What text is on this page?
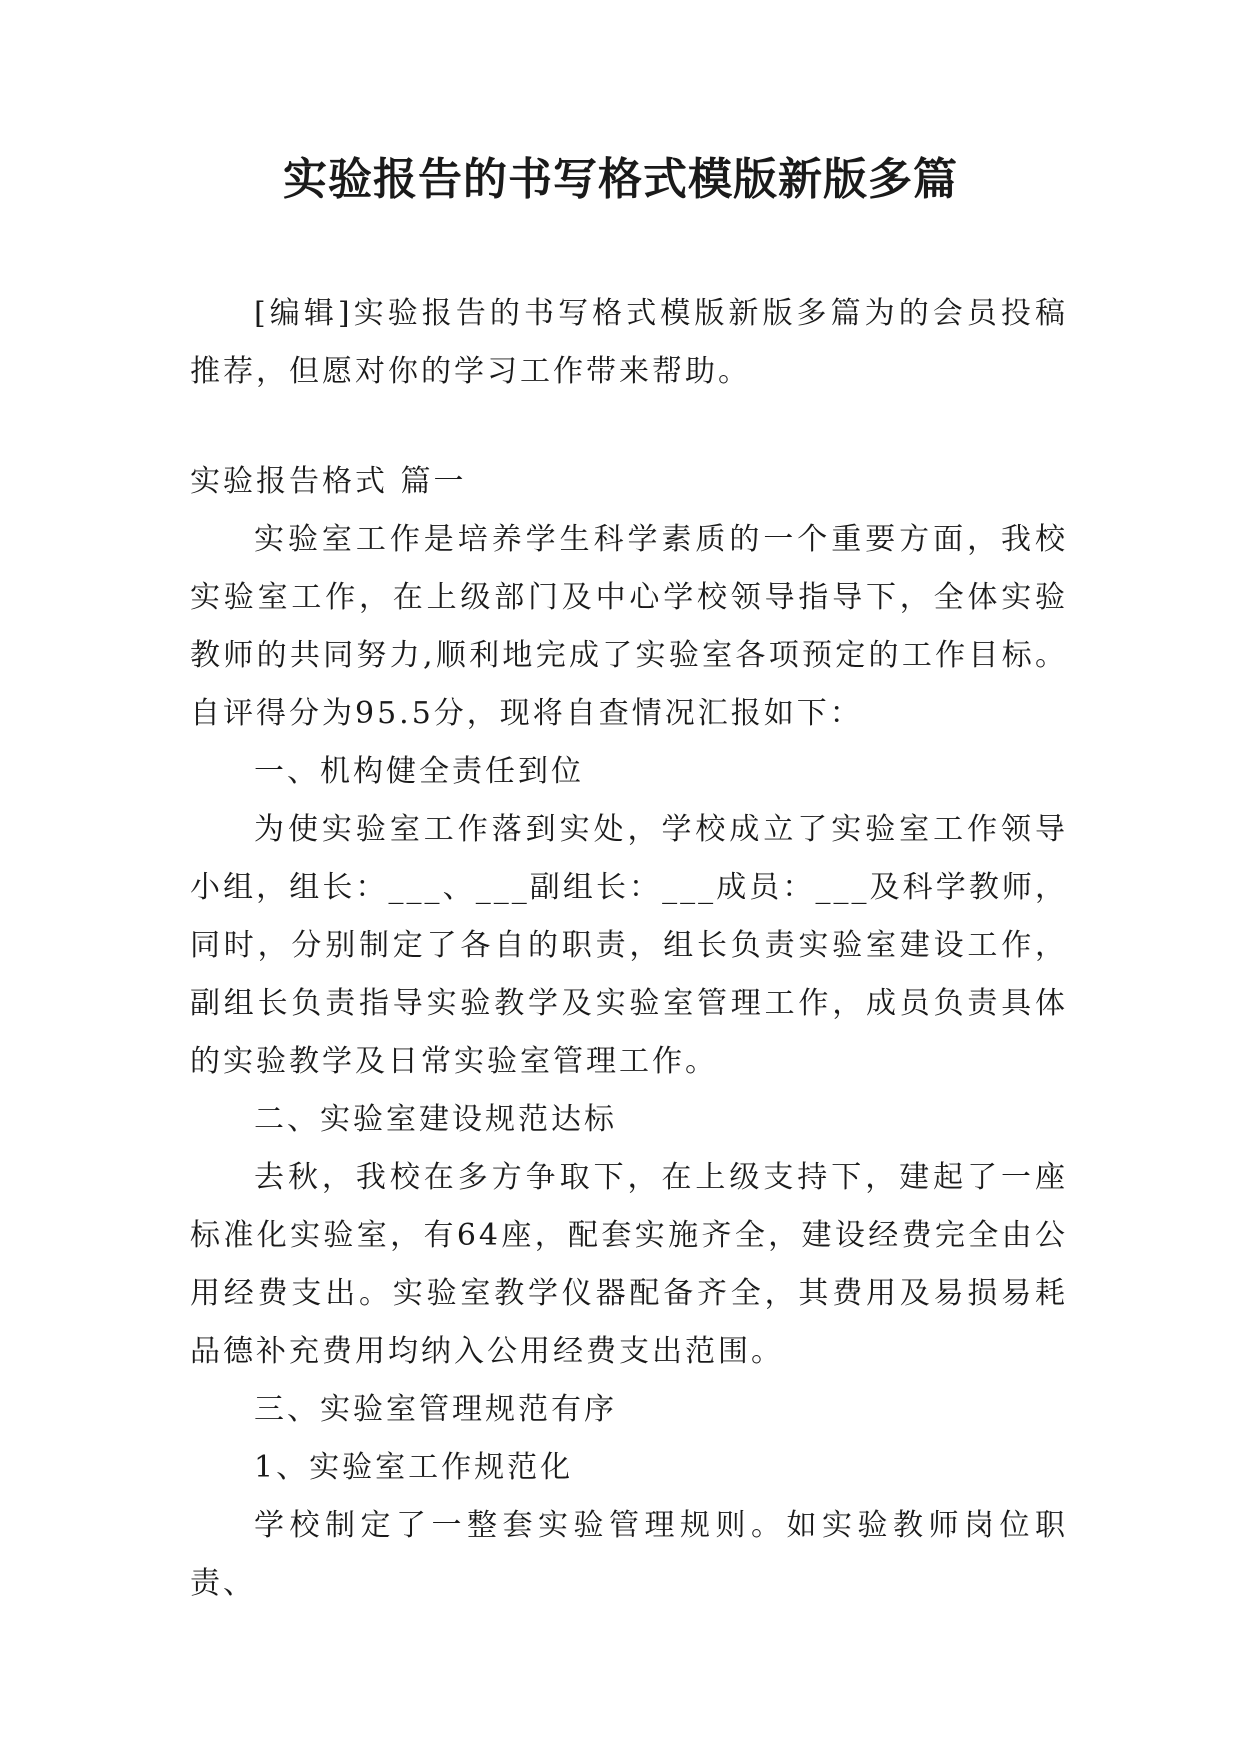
实验报告的书写格式模版新版多篇

[编辑]实验报告的书写格式模版新版多篇为的会员投稿推荐，但愿对你的学习工作带来帮助。

实验报告格式 篇一

实验室工作是培养学生科学素质的一个重要方面，我校实验室工作，在上级部门及中心学校领导指导下，全体实验教师的共同努力,顺利地完成了实验室各项预定的工作目标。自评得分为95.5分，现将自查情况汇报如下：

一、机构健全责任到位

为使实验室工作落到实处，学校成立了实验室工作领导小组，组长：___、___副组长：___成员：___及科学教师，同时，分别制定了各自的职责，组长负责实验室建设工作，副组长负责指导实验教学及实验室管理工作，成员负责具体的实验教学及日常实验室管理工作。

二、实验室建设规范达标

去秋，我校在多方争取下，在上级支持下，建起了一座标准化实验室，有64座，配套实施齐全，建设经费完全由公用经费支出。实验室教学仪器配备齐全，其费用及易损易耗品德补充费用均纳入公用经费支出范围。

三、实验室管理规范有序

1、实验室工作规范化

学校制定了一整套实验管理规则。如实验教师岗位职责、
